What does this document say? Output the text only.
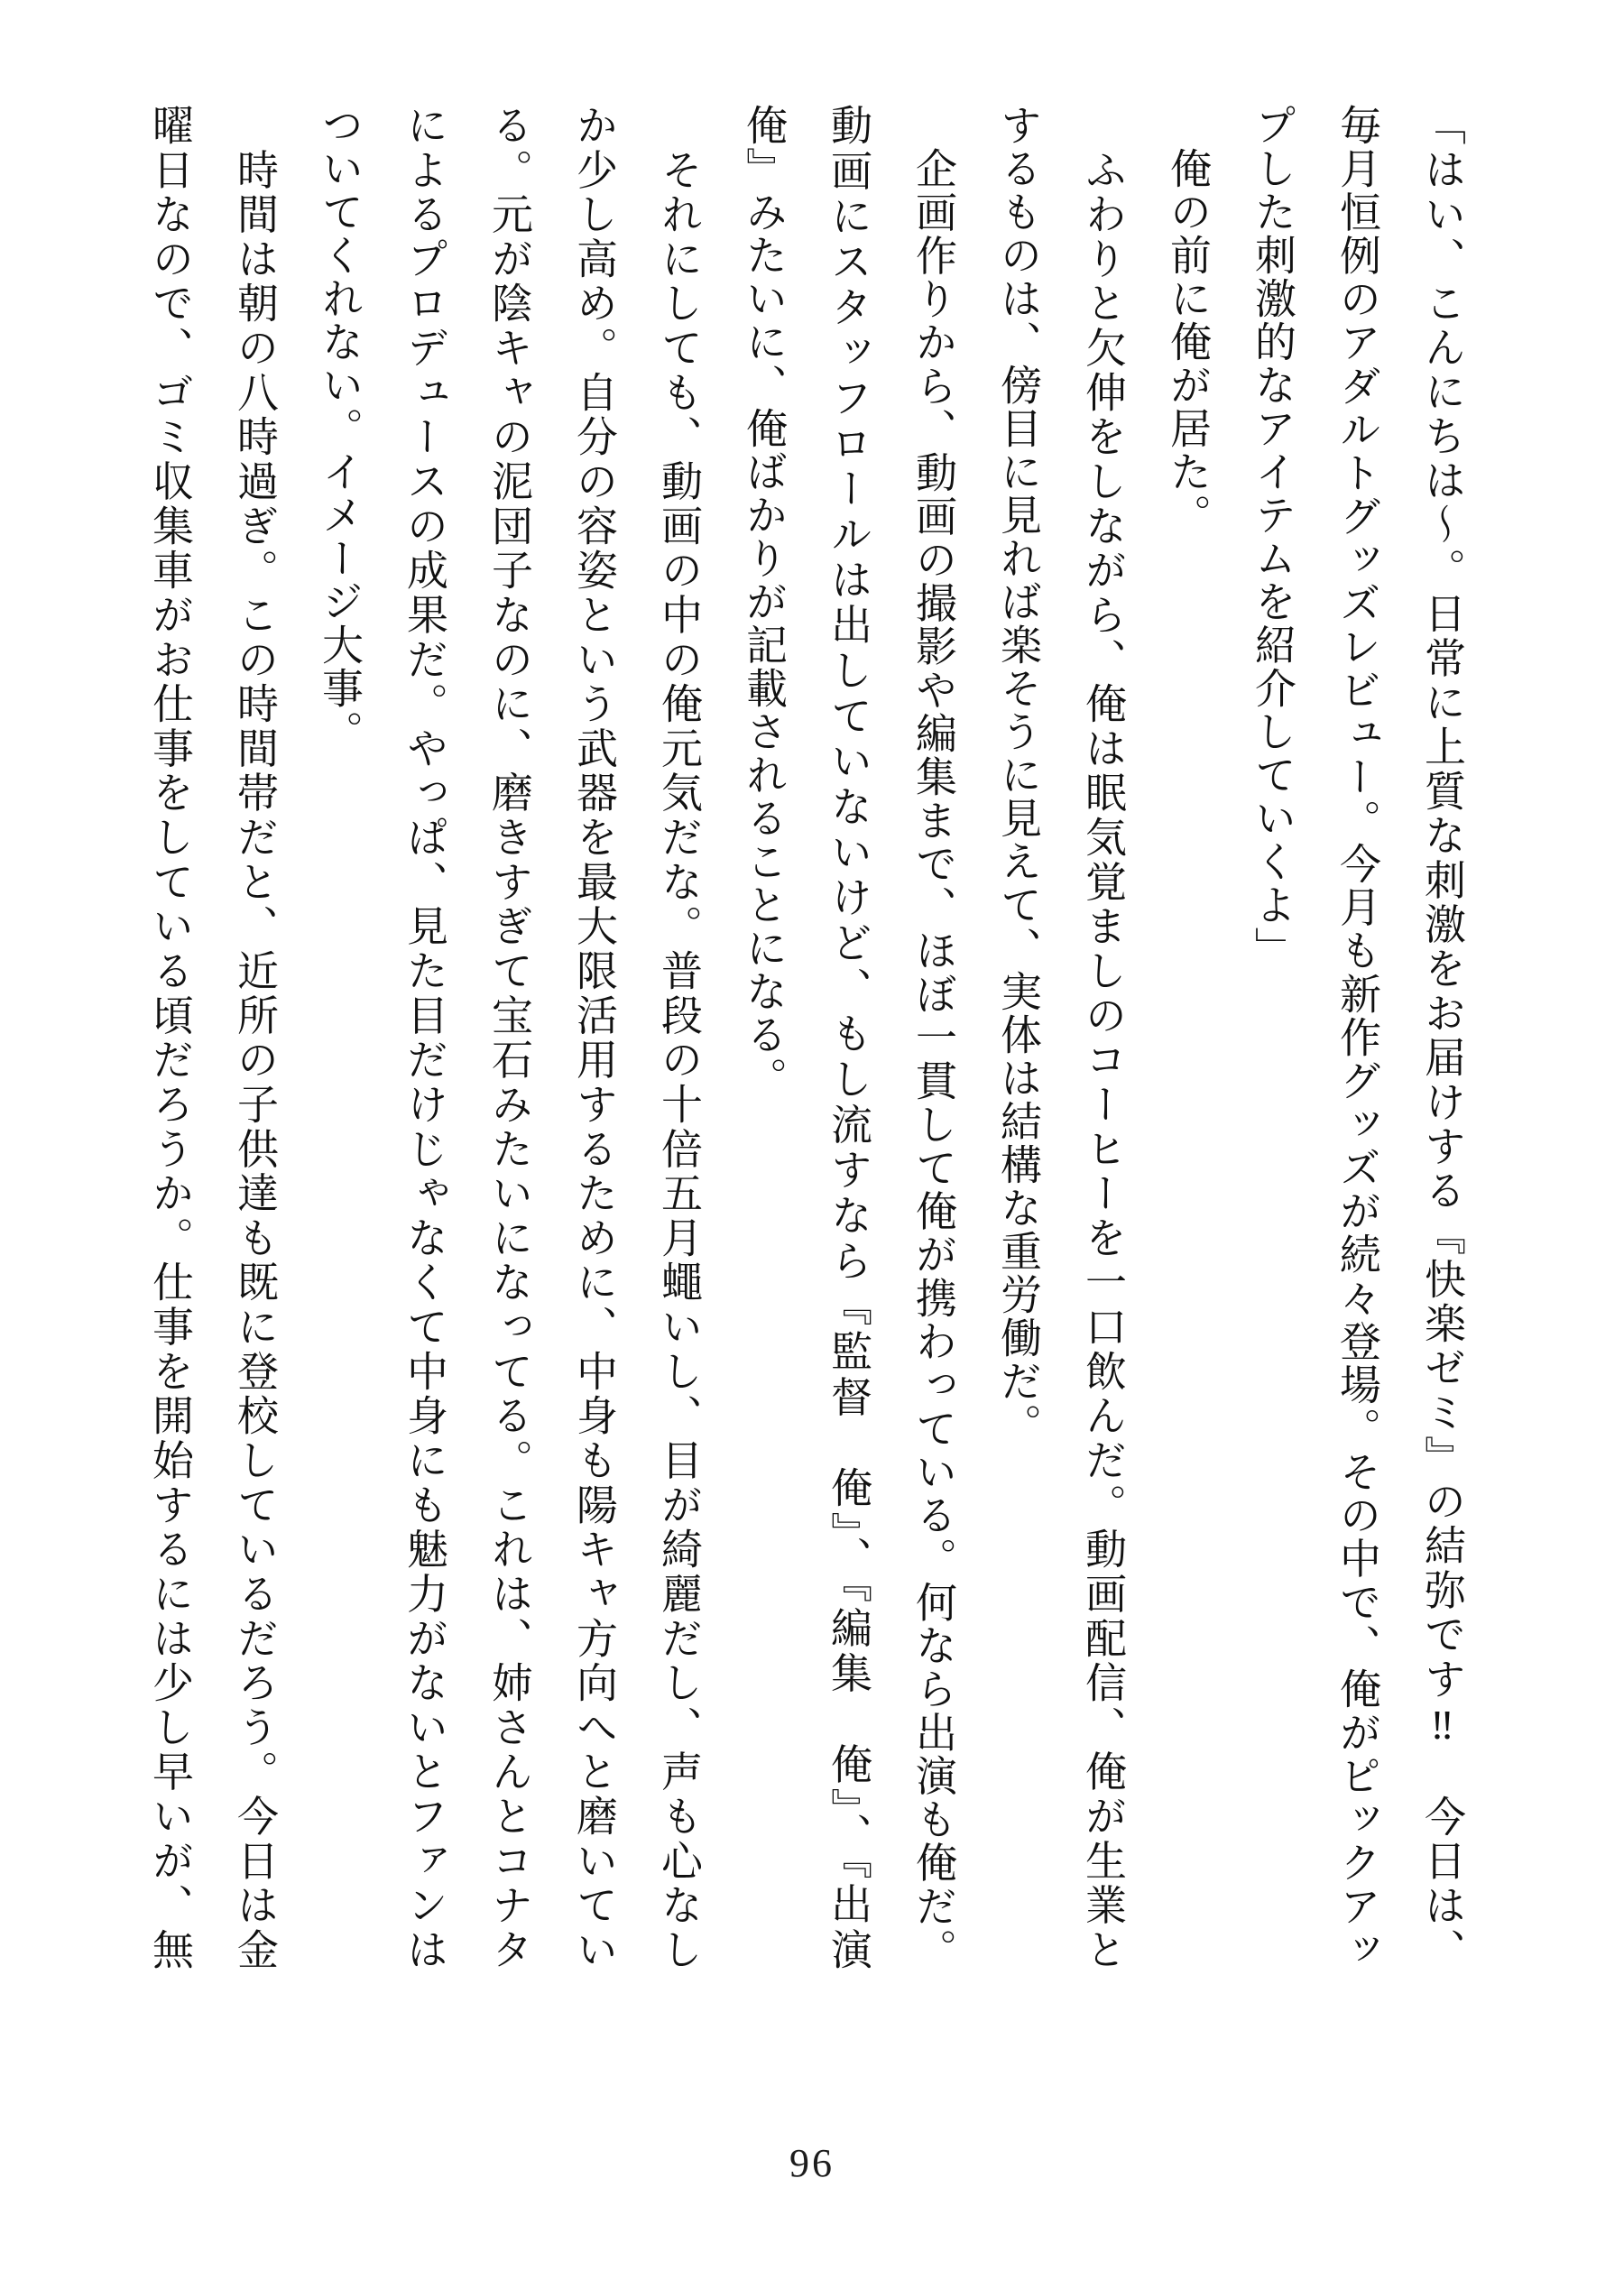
「はい、こんにちは〜。日常に上質な刺激をお届けする『快楽ゼミ』の結弥です‼　今日は、
毎月恒例のアダルトグッズレビュー。今月も新作グッズが続々登場。その中で、俺がピックアッ
プした刺激的なアイテムを紹介していくよ」
　俺の前に俺が居た。
　ふわりと欠伸をしながら、俺は眠気覚ましのコーヒーを一口飲んだ。動画配信、俺が生業と
するものは、傍目に見れば楽そうに見えて、実体は結構な重労働だ。
　企画作りから、動画の撮影や編集まで、ほぼ一貫して俺が携わっている。何なら出演も俺だ。
動画にスタッフロールは出していないけど、もし流すなら『監督　俺』、『編集　俺』、『出演
俺』みたいに、俺ばかりが記載されることになる。
　それにしても、動画の中の俺元気だな。普段の十倍五月蠅いし、目が綺麗だし、声も心なし
か少し高め。自分の容姿という武器を最大限活用するために、中身も陽キャ方向へと磨いてい
る。元が陰キャの泥団子なのに、磨きすぎて宝石みたいになってる。これは、姉さんとコナタ
によるプロデュースの成果だ。やっぱ、見た目だけじゃなくて中身にも魅力がないとファンは
ついてくれない。イメージ大事。
　時間は朝の八時過ぎ。この時間帯だと、近所の子供達も既に登校しているだろう。今日は金
曜日なので、ゴミ収集車がお仕事をしている頃だろうか。仕事を開始するには少し早いが、無
96
